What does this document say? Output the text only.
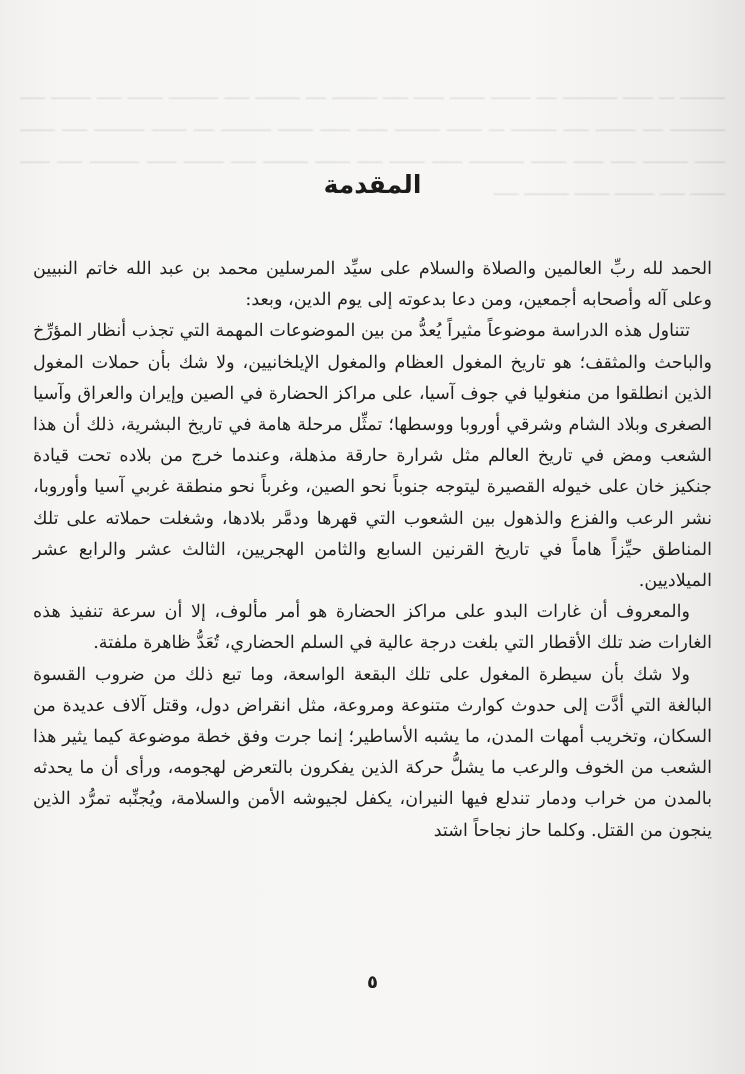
ـــــــــ ـــ ــــــ ـــــــــــ ــــ ــــــــ ـــــــ ــــــ ـــــ ـــــــــ ــــ ـــــــــ ـــــ ــــــــــ ـــــــ ـــــ ــــــــ ـــــ ـــــــــــ ــــ ــــــــ ـــــ ـــــــــ ـــ ـــــــ ـــــــــ ــــــ ــــــ ـــــــ ــــــــــ ــــ ـــــــ ــــــــــ ـــــ ـــــــ ــــــ ـــــــــ ـــــ ــــــ ـــــــ ـــــــــــ ــــــ ـــــــ ـــــ ـــــــ ـــــــــ ـــــ ــــــــ ــــــ ــــــــــ ـــــ ــــــ ـــــــ ـــــ ــــــــ ـــــــ ـــــــــ ـــــ
المقدمة

الحمد لله ربِّ العالمين والصلاة والسلام على سيِّد المرسلين محمد بن عبد الله خاتم النبيين وعلى آله وأصحابه أجمعين، ومن دعا بدعوته إلى يوم الدين، وبعد:

تتناول هذه الدراسة موضوعاً مثيراً يُعدُّ من بين الموضوعات المهمة التي تجذب أنظار المؤرِّخ والباحث والمثقف؛ هو تاريخ المغول العظام والمغول الإيلخانيين، ولا شك بأن حملات المغول الذين انطلقوا من منغوليا في جوف آسيا، على مراكز الحضارة في الصين وإيران والعراق وآسيا الصغرى وبلاد الشام وشرقي أوروبا ووسطها؛ تمثِّل مرحلة هامة في تاريخ البشرية، ذلك أن هذا الشعب ومض في تاريخ العالم مثل شرارة حارقة مذهلة، وعندما خرج من بلاده تحت قيادة جنكيز خان على خيوله القصيرة ليتوجه جنوباً نحو الصين، وغرباً نحو منطقة غربي آسيا وأوروبا، نشر الرعب والفزع والذهول بين الشعوب التي قهرها ودمَّر بلادها، وشغلت حملاته على تلك المناطق حيِّزاً هاماً في تاريخ القرنين السابع والثامن الهجريين، الثالث عشر والرابع عشر الميلاديين.

والمعروف أن غارات البدو على مراكز الحضارة هو أمر مألوف، إلا أن سرعة تنفيذ هذه الغارات ضد تلك الأقطار التي بلغت درجة عالية في السلم الحضاري، تُعَدُّ ظاهرة ملفتة.

ولا شك بأن سيطرة المغول على تلك البقعة الواسعة، وما تبع ذلك من ضروب القسوة البالغة التي أدَّت إلى حدوث كوارث متنوعة ومروعة، مثل انقراض دول، وقتل آلاف عديدة من السكان، وتخريب أمهات المدن، ما يشبه الأساطير؛ إنما جرت وفق خطة موضوعة كيما يثير هذا الشعب من الخوف والرعب ما يشلُّ حركة الذين يفكرون بالتعرض لهجومه، ورأى أن ما يحدثه بالمدن من خراب ودمار تندلع فيها النيران، يكفل لجيوشه الأمن والسلامة، ويُجنِّبه تمرُّد الذين ينجون من القتل. وكلما حاز نجاحاً اشتد

٥
